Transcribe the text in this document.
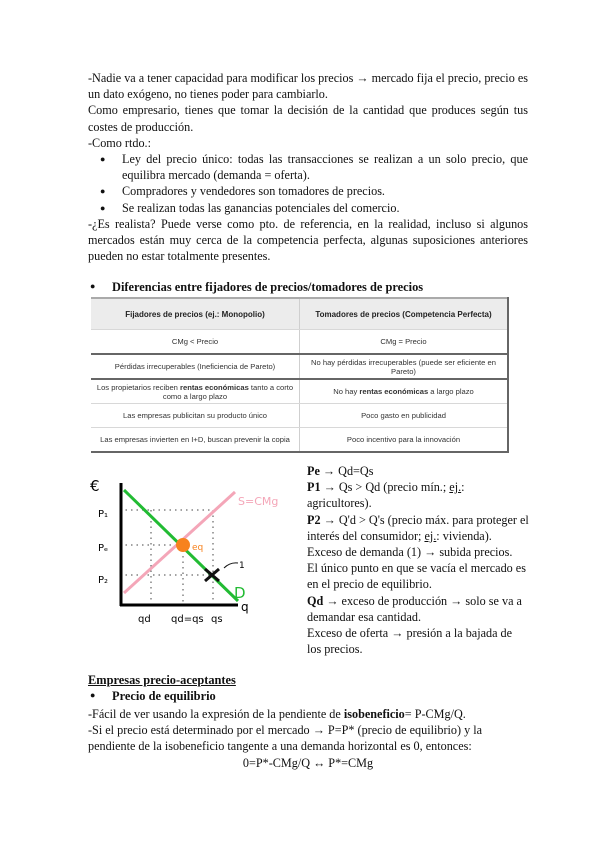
-Nadie va a tener capacidad para modificar los precios → mercado fija el precio, precio es un dato exógeno, no tienes poder para cambiarlo.

Como empresario, tienes que tomar la decisión de la cantidad que produces según tus costes de producción.

-Como rtdo.:

● Ley del precio único: todas las transacciones se realizan a un solo precio, que equilibra mercado (demanda = oferta).
● Compradores y vendedores son tomadores de precios.
● Se realizan todas las ganancias potenciales del comercio.

-¿Es realista? Puede verse como pto. de referencia, en la realidad, incluso si algunos mercados están muy cerca de la competencia perfecta, algunas suposiciones anteriores pueden no estar totalmente presentes.

● Diferencias entre fijadores de precios/tomadores de precios
Fijadores de precios (ej.: Monopolio)	Tomadores de precios (Competencia Perfecta)
CMg < Precio	CMg = Precio
Pérdidas irrecuperables (Ineficiencia de Pareto)	No hay pérdidas irrecuperables (puede ser eficiente en Pareto)
Los propietarios reciben rentas económicas tanto a corto como a largo plazo	No hay rentas económicas a largo plazo
Las empresas publicitan su producto único	Poco gasto en publicidad
Las empresas invierten en I+D, buscan prevenir la copia	Poco incentivo para la innovación
€
P₁
Pₑ
P₂
qd qd=qs qs
q
S=CMg
D
eq
1

Pe → Qd=Qs

P1 → Qs > Qd (precio mín.; ej.: agricultores).

P2 → Q'd > Q's (precio máx. para proteger el interés del consumidor; ej.: vivienda).

Exceso de demanda (1) → subida precios.

El único punto en que se vacía el mercado es en el precio de equilibrio.

Qd → exceso de producción → solo se va a demandar esa cantidad.

Exceso de oferta → presión a la bajada de los precios.

Empresas precio-aceptantes
● Precio de equilibrio

-Fácil de ver usando la expresión de la pendiente de isobeneficio= P-CMg/Q.

-Si el precio está determinado por el mercado → P=P* (precio de equilibrio) y la pendiente de la isobeneficio tangente a una demanda horizontal es 0, entonces:

0=P*-CMg/Q ↔ P*=CMg
